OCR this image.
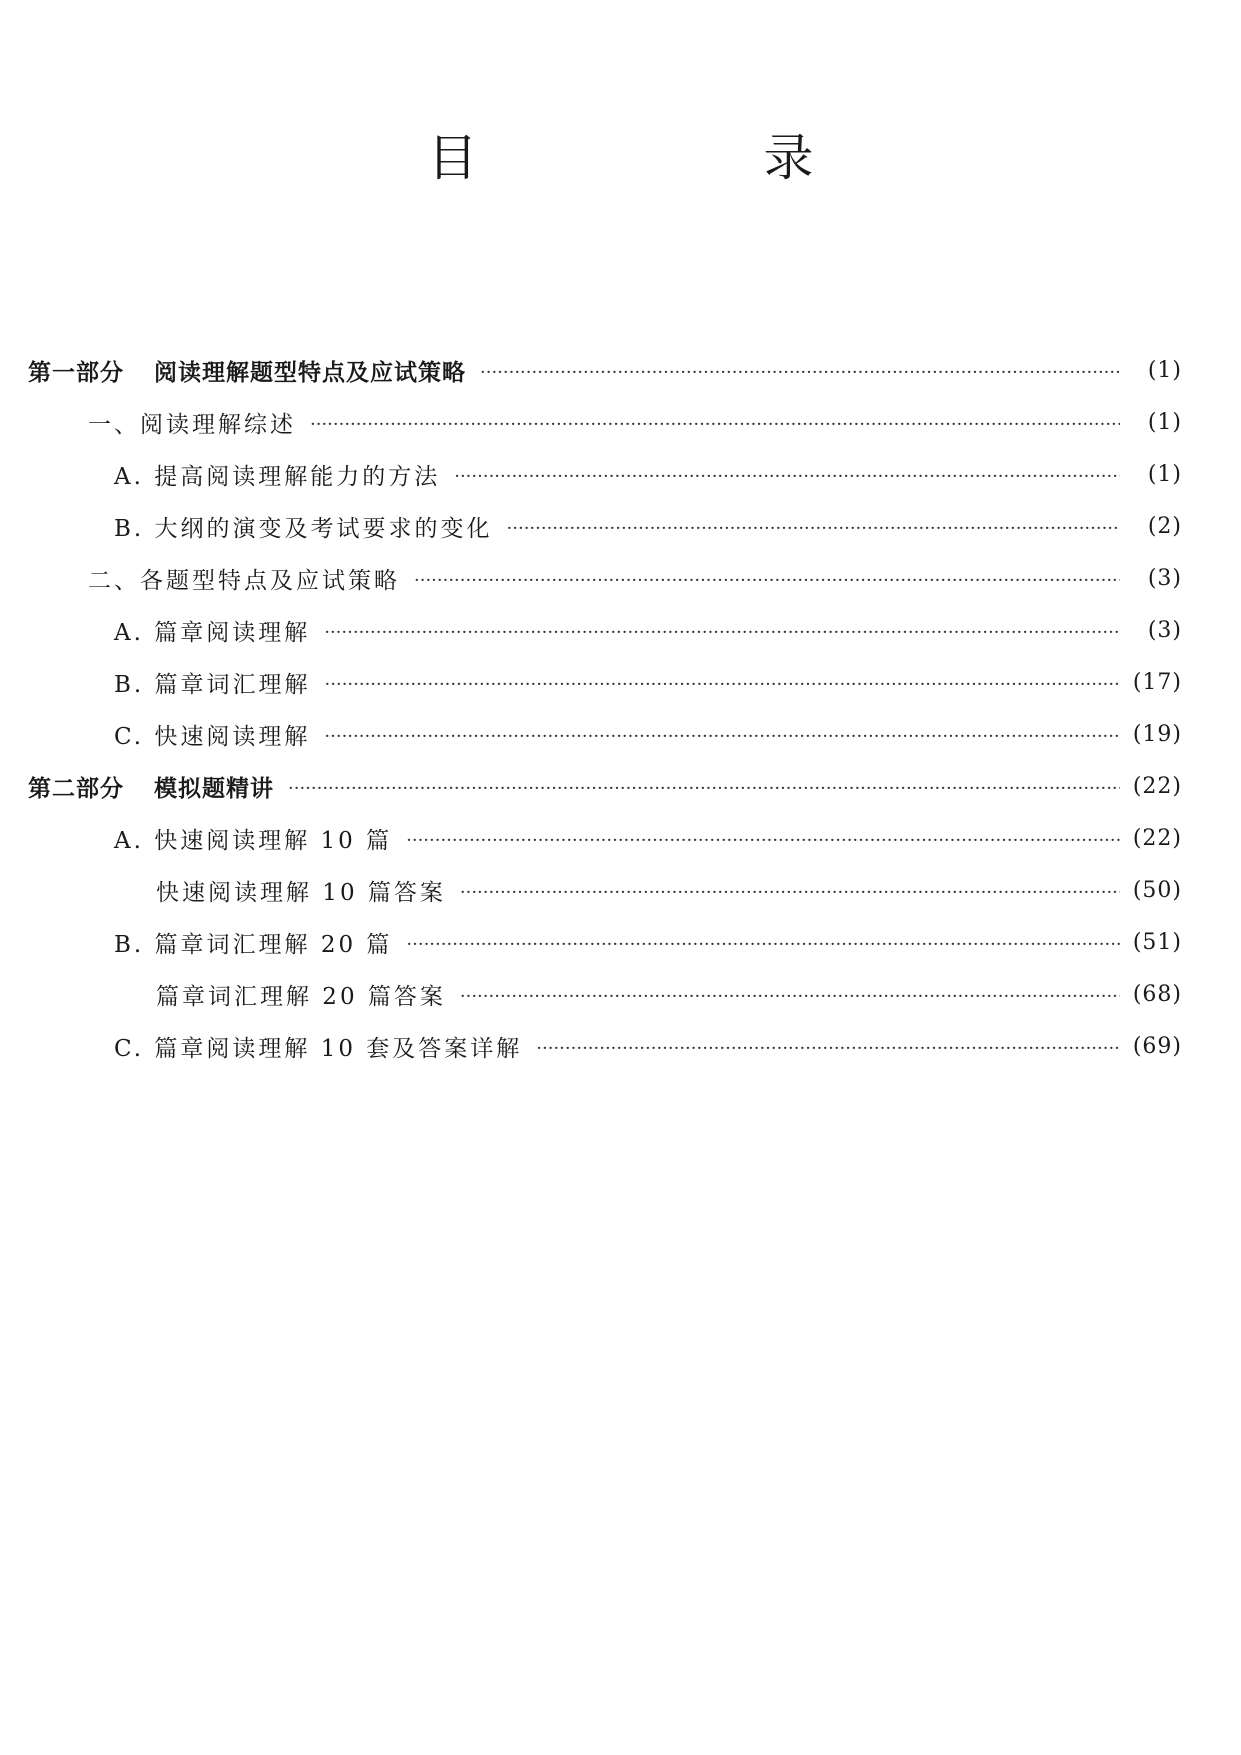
目 录
第一部分 阅读理解题型特点及应试策略 ·····	(1)
一、阅读理解综述 ·····	(1)
A. 提高阅读理解能力的方法 ·····	(1)
B. 大纲的演变及考试要求的变化 ·····	(2)
二、各题型特点及应试策略 ·····	(3)
A. 篇章阅读理解 ·····	(3)
B. 篇章词汇理解 ·····	(17)
C. 快速阅读理解 ·····	(19)
第二部分 模拟题精讲 ·····	(22)
A. 快速阅读理解 10 篇 ·····	(22)
快速阅读理解 10 篇答案 ·····	(50)
B. 篇章词汇理解 20 篇 ·····	(51)
篇章词汇理解 20 篇答案 ·····	(68)
C. 篇章阅读理解 10 套及答案详解 ·····	(69)
